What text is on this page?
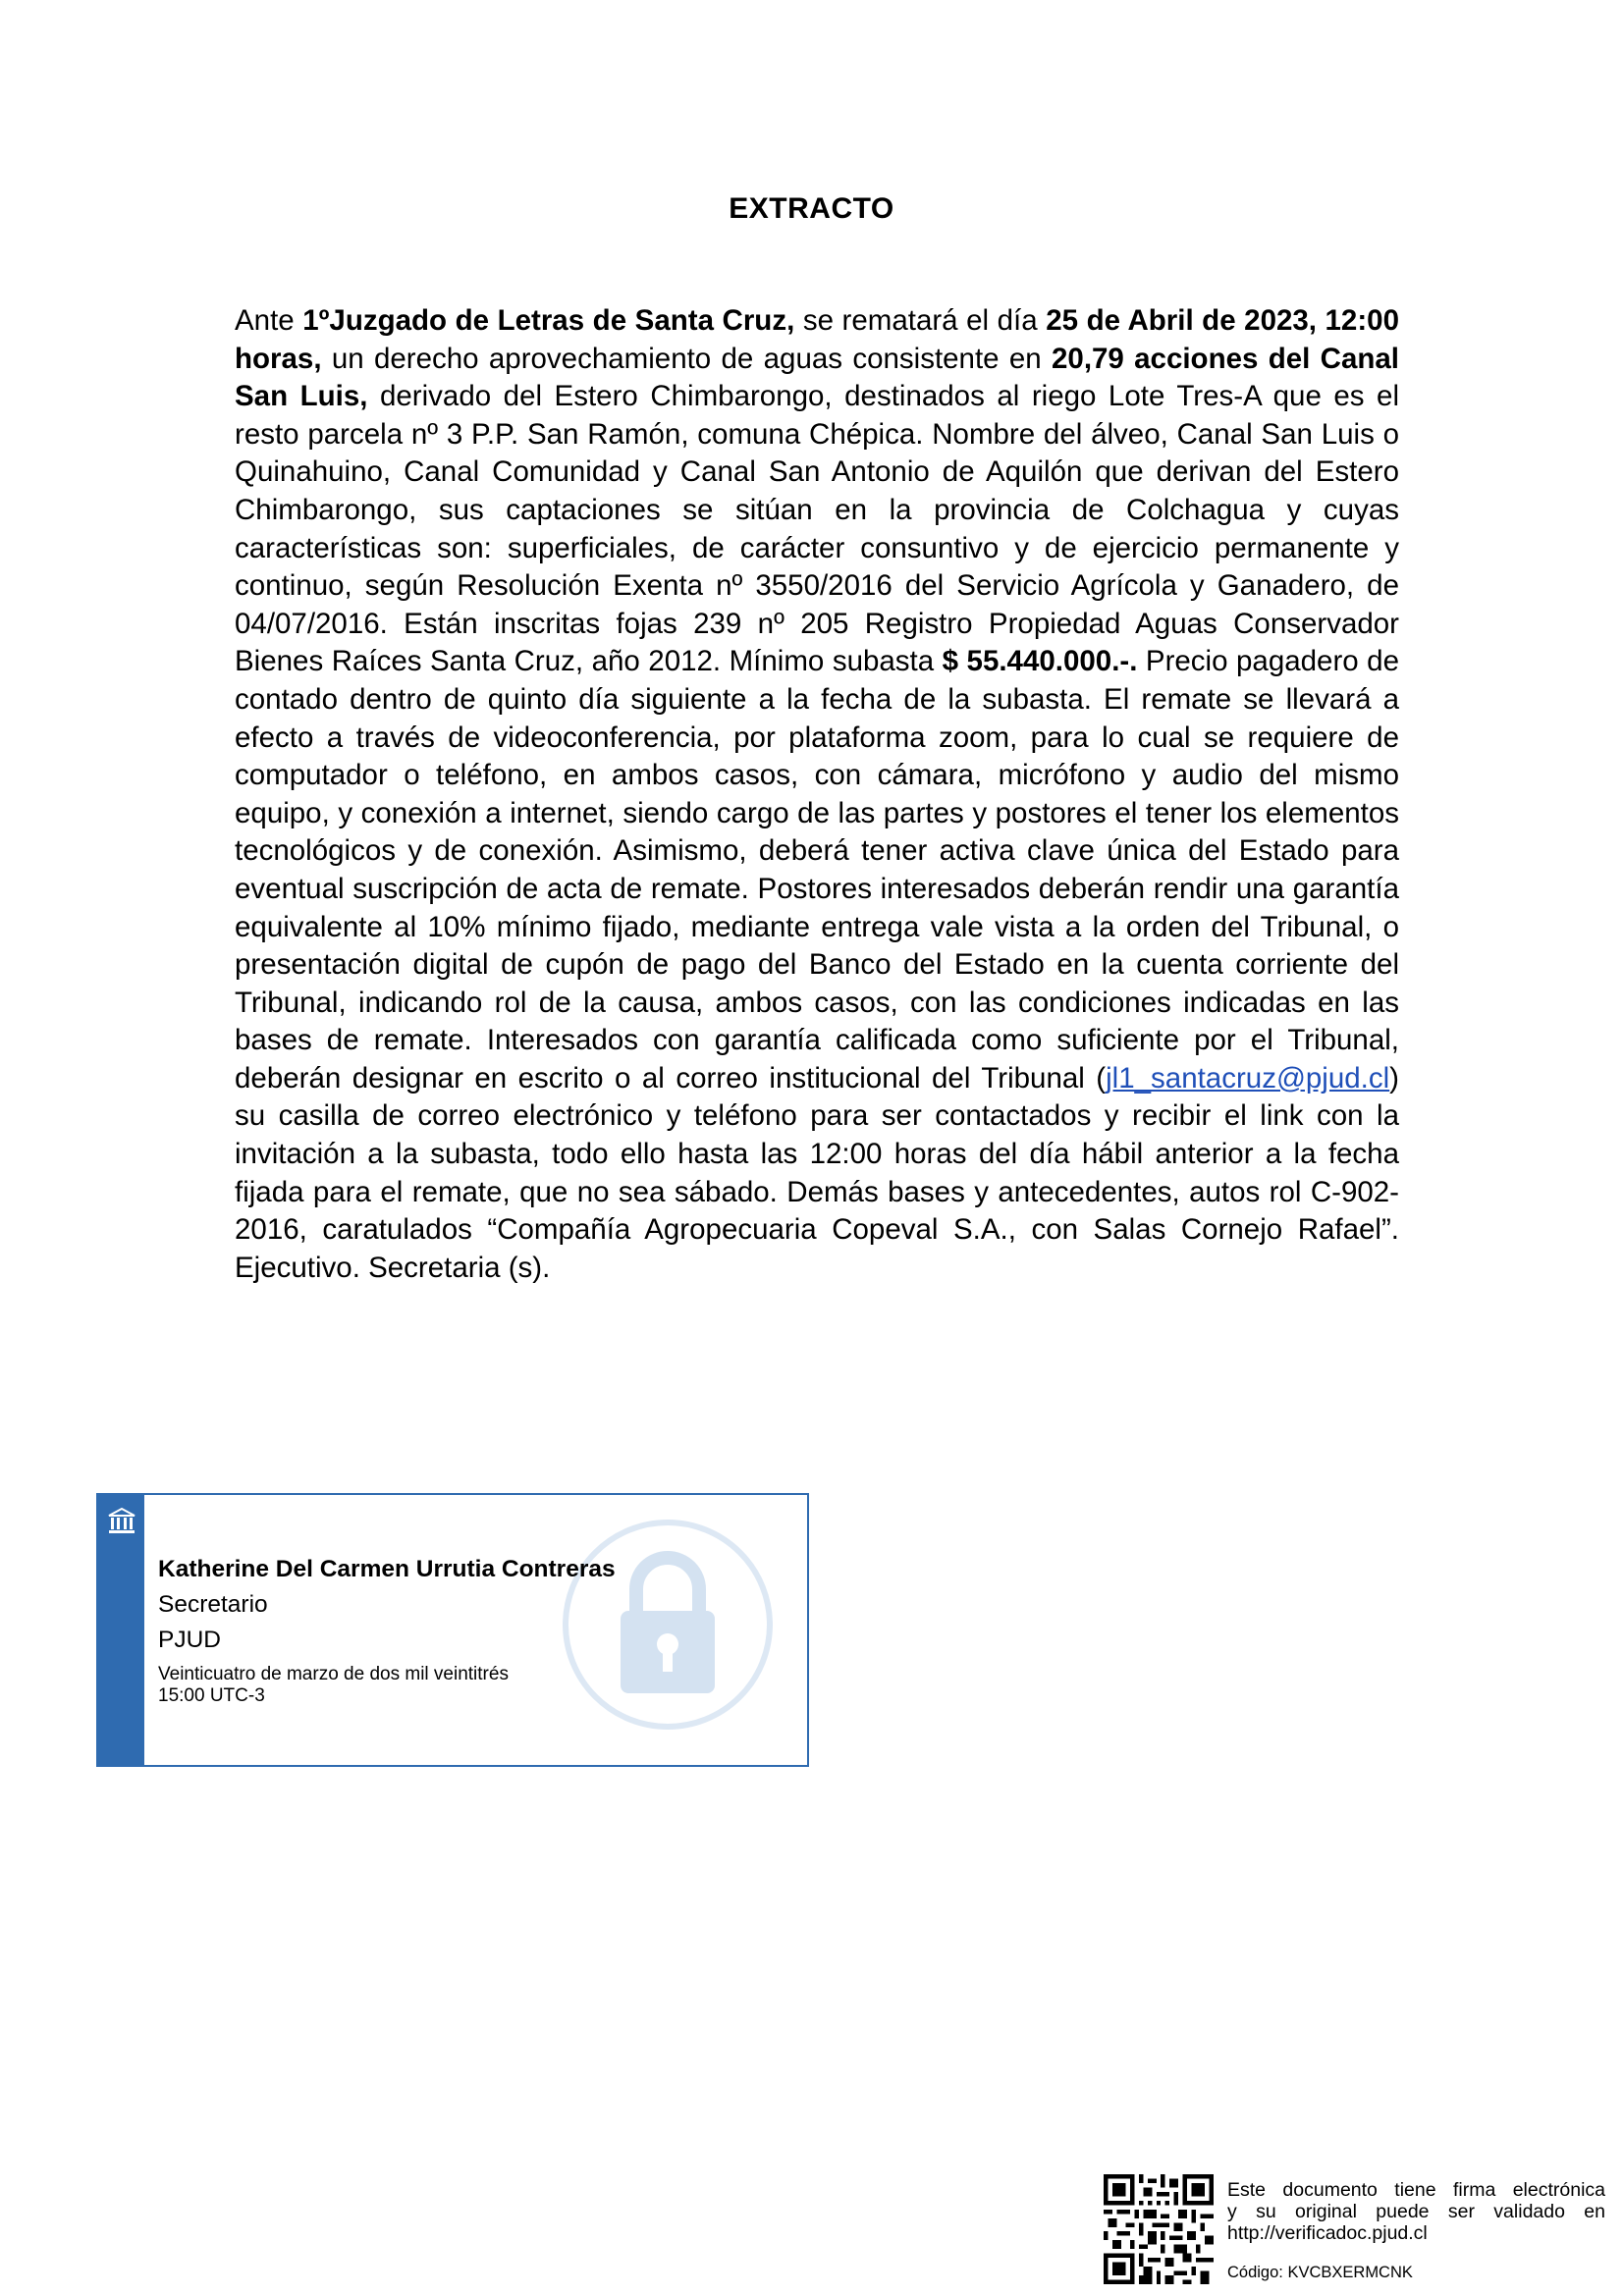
EXTRACTO
Ante 1ºJuzgado de Letras de Santa Cruz, se rematará el día 25 de Abril de 2023, 12:00 horas, un derecho aprovechamiento de aguas consistente en 20,79 acciones del Canal San Luis, derivado del Estero Chimbarongo, destinados al riego Lote Tres-A que es el resto parcela nº 3 P.P. San Ramón, comuna Chépica. Nombre del álveo, Canal San Luis o Quinahuino, Canal Comunidad y Canal San Antonio de Aquilón que derivan del Estero Chimbarongo, sus captaciones se sitúan en la provincia de Colchagua y cuyas características son: superficiales, de carácter consuntivo y de ejercicio permanente y continuo, según Resolución Exenta nº 3550/2016 del Servicio Agrícola y Ganadero, de 04/07/2016. Están inscritas fojas 239 nº 205 Registro Propiedad Aguas Conservador Bienes Raíces Santa Cruz, año 2012. Mínimo subasta $ 55.440.000.-. Precio pagadero de contado dentro de quinto día siguiente a la fecha de la subasta. El remate se llevará a efecto a través de videoconferencia, por plataforma zoom, para lo cual se requiere de computador o teléfono, en ambos casos, con cámara, micrófono y audio del mismo equipo, y conexión a internet, siendo cargo de las partes y postores el tener los elementos tecnológicos y de conexión. Asimismo, deberá tener activa clave única del Estado para eventual suscripción de acta de remate. Postores interesados deberán rendir una garantía equivalente al 10% mínimo fijado, mediante entrega vale vista a la orden del Tribunal, o presentación digital de cupón de pago del Banco del Estado en la cuenta corriente del Tribunal, indicando rol de la causa, ambos casos, con las condiciones indicadas en las bases de remate. Interesados con garantía calificada como suficiente por el Tribunal, deberán designar en escrito o al correo institucional del Tribunal (jl1_santacruz@pjud.cl) su casilla de correo electrónico y teléfono para ser contactados y recibir el link con la invitación a la subasta, todo ello hasta las 12:00 horas del día hábil anterior a la fecha fijada para el remate, que no sea sábado. Demás bases y antecedentes, autos rol C-902-2016, caratulados “Compañía Agropecuaria Copeval S.A., con Salas Cornejo Rafael”. Ejecutivo. Secretaria (s).
Katherine Del Carmen Urrutia Contreras
Secretario
PJUD
Veinticuatro de marzo de dos mil veintitrés
15:00 UTC-3
Este documento tiene firma electrónica
y su original puede ser validado en
http://verificadoc.pjud.cl
Código: KVCBXERMCNK
